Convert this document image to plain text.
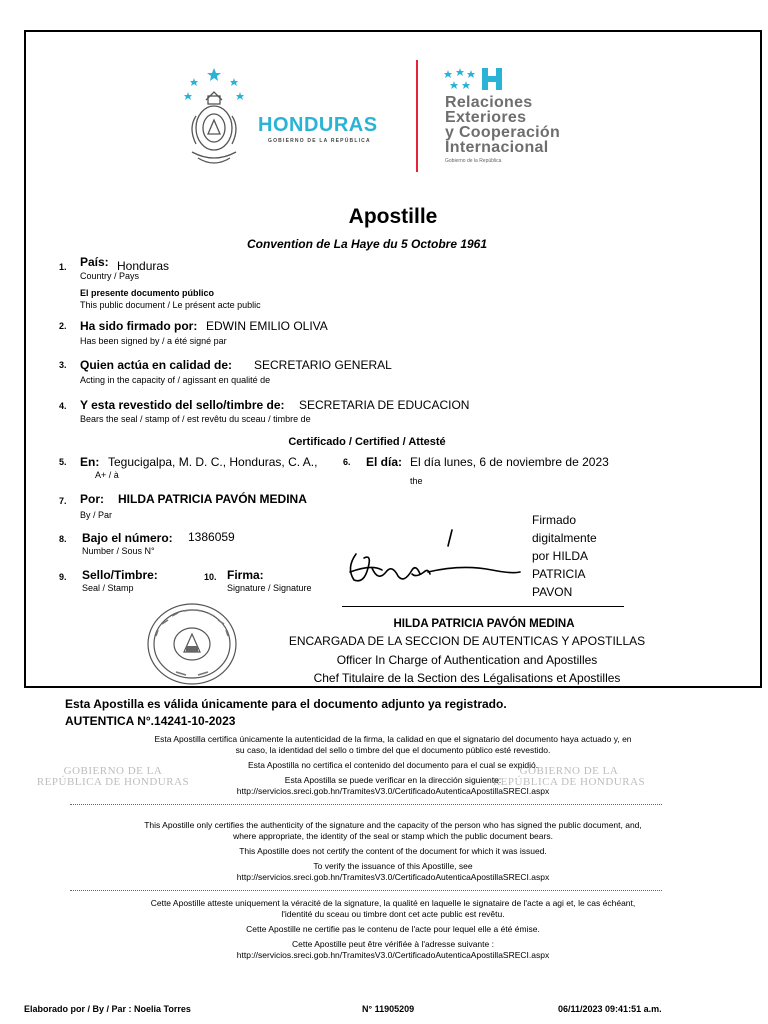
HONDURAS
GOBIERNO DE LA REPÚBLICA
Relaciones
Exteriores
y Cooperación
Internacional
Gobierno de la República
Apostille
Convention de La Haye du 5 Octobre 1961
1. País: Honduras
Country / Pays
El presente documento público
This public document / Le présent acte public
2. Ha sido firmado por: EDWIN EMILIO OLIVA
Has been signed by / a été signé par
3. Quien actúa en calidad de: SECRETARIO GENERAL
Acting in the capacity of / agissant en qualité de
4. Y esta revestido del sello/timbre de: SECRETARIA DE EDUCACION
Bears the seal / stamp of / est revêtu du sceau / timbre de
Certificado / Certified / Attesté
5. En: Tegucigalpa, M. D. C., Honduras, C. A.,
A+ / à
6. El día: El día lunes, 6 de noviembre de 2023
the
7. Por: HILDA PATRICIA PAVÓN MEDINA
By / Par	Firmado
digitalmente
por HILDA
PATRICIA
PAVON
8. Bajo el número: 1386059
Number / Sous N°
9. Sello/Timbre:
Seal / Stamp
10. Firma:
Signature / Signature
HILDA PATRICIA PAVÓN MEDINA
ENCARGADA DE LA SECCION DE AUTENTICAS Y APOSTILLAS
Officer In Charge of Authentication and Apostilles
Chef Titulaire de la Section des Légalisations et Apostilles
Esta Apostilla es válida únicamente para el documento adjunto ya registrado.
AUTENTICA N°.14241-10-2023
GOBIERNO DE LA
REPÚBLICA DE HONDURAS
GOBIERNO DE LA
REPÚBLICA DE HONDURAS
Esta Apostilla certifica únicamente la autenticidad de la firma, la calidad en que el signatario del documento haya actuado y, en
su caso, la identidad del sello o timbre del que el documento público esté revestido.
Esta Apostilla no certifica el contenido del documento para el cual se expidió.
Esta Apostilla se puede verificar en la dirección siguiente:
http://servicios.sreci.gob.hn/TramitesV3.0/CertificadoAutenticaApostillaSRECI.aspx
This Apostille only certifies the authenticity of the signature and the capacity of the person who has signed the public document, and,
where appropriate, the identity of the seal or stamp which the public document bears.
This Apostille does not certify the content of the document for which it was issued.
To verify the issuance of this Apostille, see
http://servicios.sreci.gob.hn/TramitesV3.0/CertificadoAutenticaApostillaSRECI.aspx
Cette Apostille atteste uniquement la véracité de la signature, la qualité en laquelle le signataire de l'acte a agi et, le cas échéant,
l'identité du sceau ou timbre dont cet acte public est revêtu.
Cette Apostille ne certifie pas le contenu de l'acte pour lequel elle a été émise.
Cette Apostille peut être vérifiée à l'adresse suivante :
http://servicios.sreci.gob.hn/TramitesV3.0/CertificadoAutenticaApostillaSRECI.aspx
Elaborado por / By / Par : Noelia Torres	N° 11905209	06/11/2023 09:41:51 a.m.
